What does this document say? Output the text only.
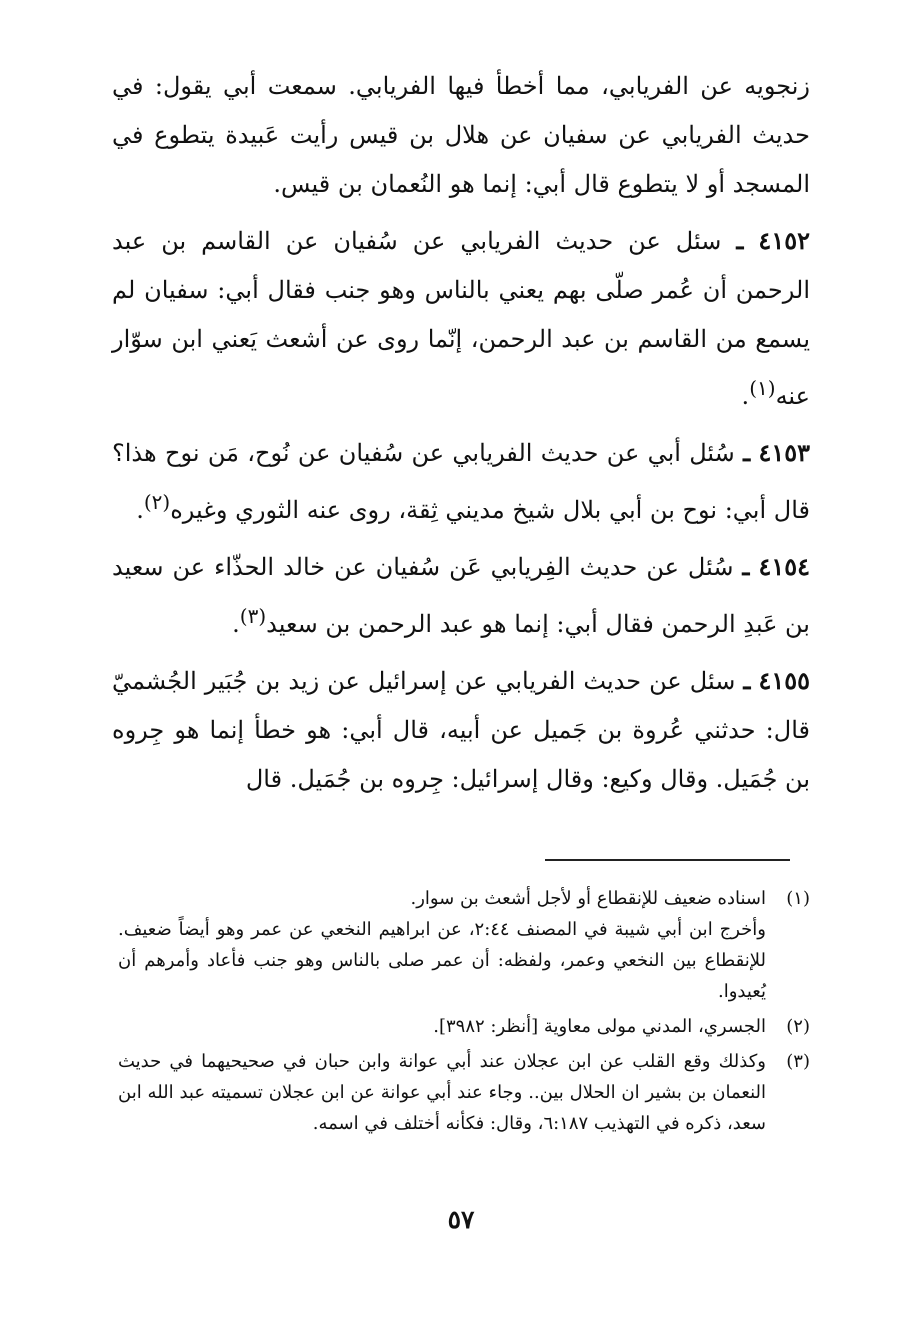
زنجويه عن الفريابي، مما أخطأ فيها الفريابي. سمعت أبي يقول: في حديث الفريابي عن سفيان عن هلال بن قيس رأيت عَبيدة يتطوع في المسجد أو لا يتطوع قال أبي: إنما هو النُعمان بن قيس.

٤١٥٢ ـ سئل عن حديث الفريابي عن سُفيان عن القاسم بن عبد الرحمن أن عُمر صلّى بهم يعني بالناس وهو جنب فقال أبي: سفيان لم يسمع من القاسم بن عبد الرحمن، إنّما روى عن أشعث يَعني ابن سوّار عنه$^{(١)}$.

٤١٥٣ ـ سُئل أبي عن حديث الفريابي عن سُفيان عن نُوح، مَن نوح هذا؟ قال أبي: نوح بن أبي بلال شيخ مديني ثِقة، روى عنه الثوري وغيره$^{(٢)}$.

٤١٥٤ ـ سُئل عن حديث الفِريابي عَن سُفيان عن خالد الحذّاء عن سعيد بن عَبدِ الرحمن فقال أبي: إنما هو عبد الرحمن بن سعيد$^{(٣)}$.

٤١٥٥ ـ سئل عن حديث الفريابي عن إسرائيل عن زيد بن جُبَير الجُشميّ قال: حدثني عُروة بن جَميل عن أبيه، قال أبي: هو خطأ إنما هو جِروه بن جُمَيل. وقال وكيع: وقال إسرائيل: جِروه بن جُمَيل. قال

(١)
اسناده ضعيف للإنقطاع أو لأجل أشعث بن سوار.
وأخرج ابن أبي شيبة في المصنف ٢:٤٤، عن ابراهيم النخعي عن عمر وهو أيضاً ضعيف. للإنقطاع بين النخعي وعمر، ولفظه: أن عمر صلى بالناس وهو جنب فأعاد وأمرهم أن يُعيدوا.
(٢)
الجسري، المدني مولى معاوية [أنظر: ٣٩٨٢].
(٣)
وكذلك وقع القلب عن ابن عجلان عند أبي عوانة وابن حبان في صحيحيهما في حديث النعمان بن بشير ان الحلال بين.. وجاء عند أبي عوانة عن ابن عجلان تسميته عبد الله ابن سعد، ذكره في التهذيب ٦:١٨٧، وقال: فكأنه أختلف في اسمه.
٥٧
